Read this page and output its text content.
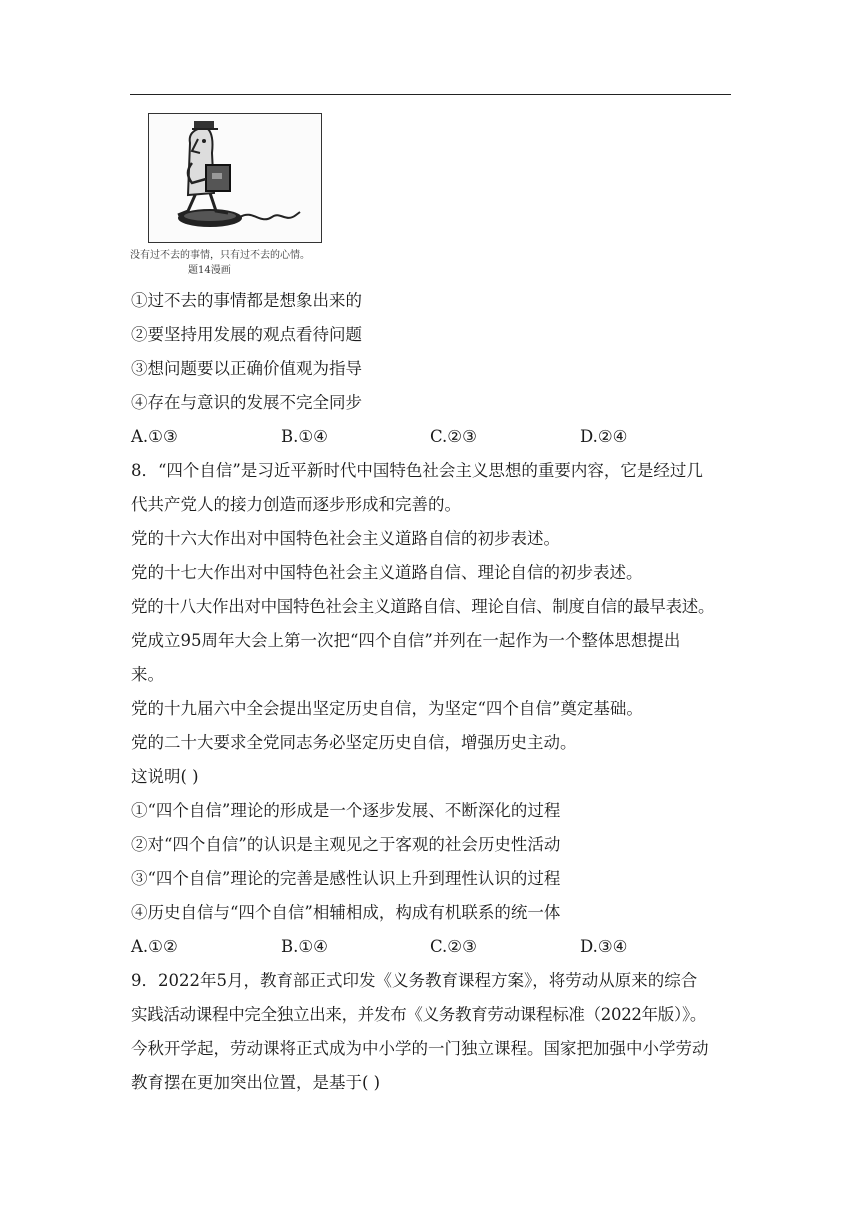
没有过不去的事情，只有过不去的心情。
题14漫画
①过不去的事情都是想象出来的
②要坚持用发展的观点看待问题
③想问题要以正确价值观为指导
④存在与意识的发展不完全同步
A.①③	B.①④	C.②③	D.②④
8．“四个自信”是习近平新时代中国特色社会主义思想的重要内容，它是经过几
代共产党人的接力创造而逐步形成和完善的。
党的十六大作出对中国特色社会主义道路自信的初步表述。
党的十七大作出对中国特色社会主义道路自信、理论自信的初步表述。
党的十八大作出对中国特色社会主义道路自信、理论自信、制度自信的最早表述。
党成立95周年大会上第一次把“四个自信”并列在一起作为一个整体思想提出
来。
党的十九届六中全会提出坚定历史自信，为坚定“四个自信”奠定基础。
党的二十大要求全党同志务必坚定历史自信，增强历史主动。
这说明( )
①“四个自信”理论的形成是一个逐步发展、不断深化的过程
②对“四个自信”的认识是主观见之于客观的社会历史性活动
③“四个自信”理论的完善是感性认识上升到理性认识的过程
④历史自信与“四个自信”相辅相成，构成有机联系的统一体
A.①②	B.①④	C.②③	D.③④
9．2022年5月，教育部正式印发《义务教育课程方案》，将劳动从原来的综合
实践活动课程中完全独立出来，并发布《义务教育劳动课程标准（2022年版）》。
今秋开学起，劳动课将正式成为中小学的一门独立课程。国家把加强中小学劳动
教育摆在更加突出位置，是基于( )
